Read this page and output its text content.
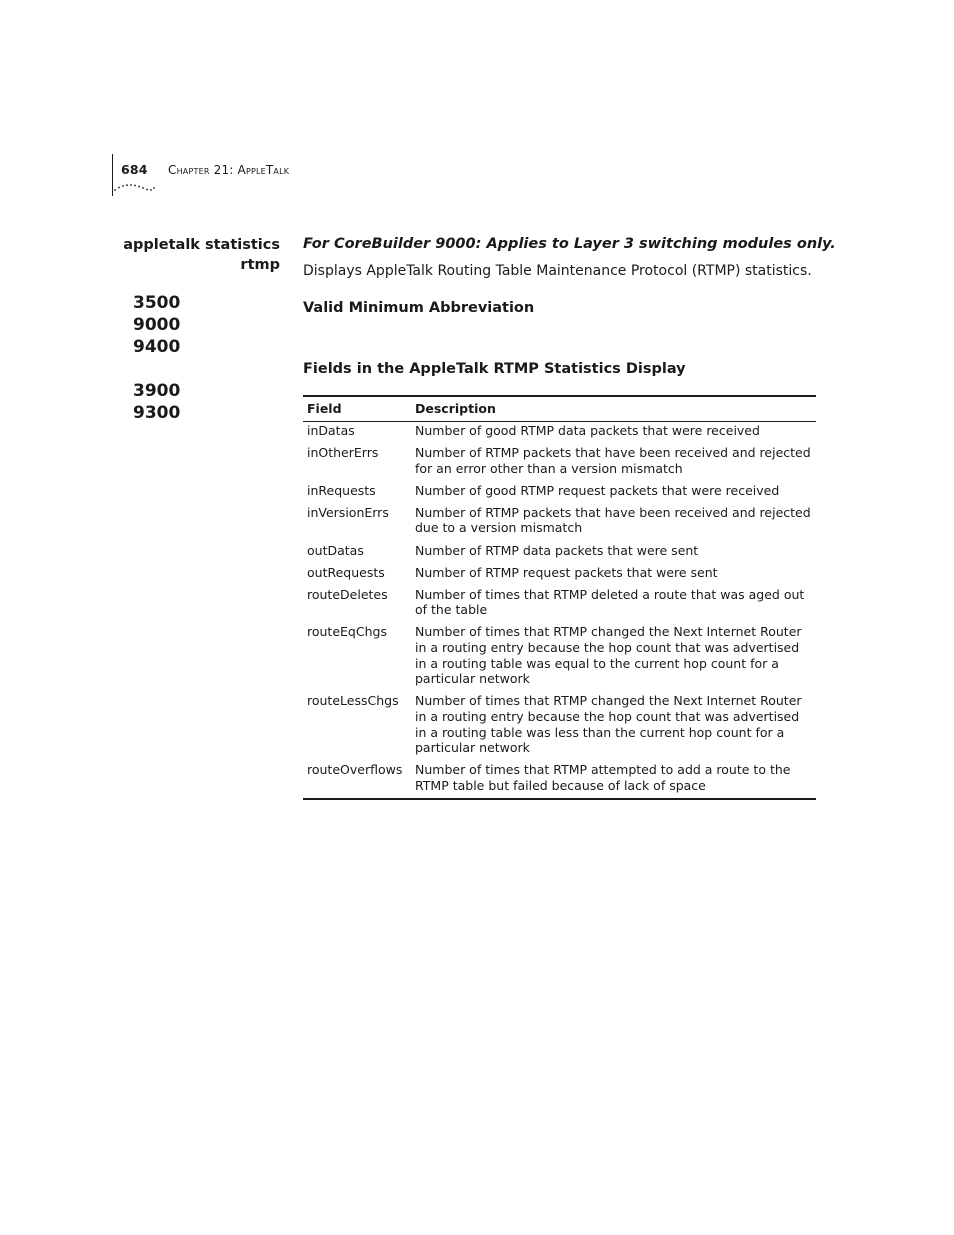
684 Chapter 21: AppleTalk
appletalk statistics
rtmp
3500
9000
9400
3900
9300

For CoreBuilder 9000: Applies to Layer 3 switching modules only.

Displays AppleTalk Routing Table Maintenance Protocol (RTMP) statistics.

Valid Minimum Abbreviation
Fields in the AppleTalk RTMP Statistics Display
Field	Description
inDatas	Number of good RTMP data packets that were received
inOtherErrs	Number of RTMP packets that have been received and rejected for an error other than a version mismatch
inRequests	Number of good RTMP request packets that were received
inVersionErrs	Number of RTMP packets that have been received and rejected due to a version mismatch
outDatas	Number of RTMP data packets that were sent
outRequests	Number of RTMP request packets that were sent
routeDeletes	Number of times that RTMP deleted a route that was aged out of the table
routeEqChgs	Number of times that RTMP changed the Next Internet Router in a routing entry because the hop count that was advertised in a routing table was equal to the current hop count for a particular network
routeLessChgs	Number of times that RTMP changed the Next Internet Router in a routing entry because the hop count that was advertised in a routing table was less than the current hop count for a particular network
routeOverflows	Number of times that RTMP attempted to add a route to the RTMP table but failed because of lack of space
